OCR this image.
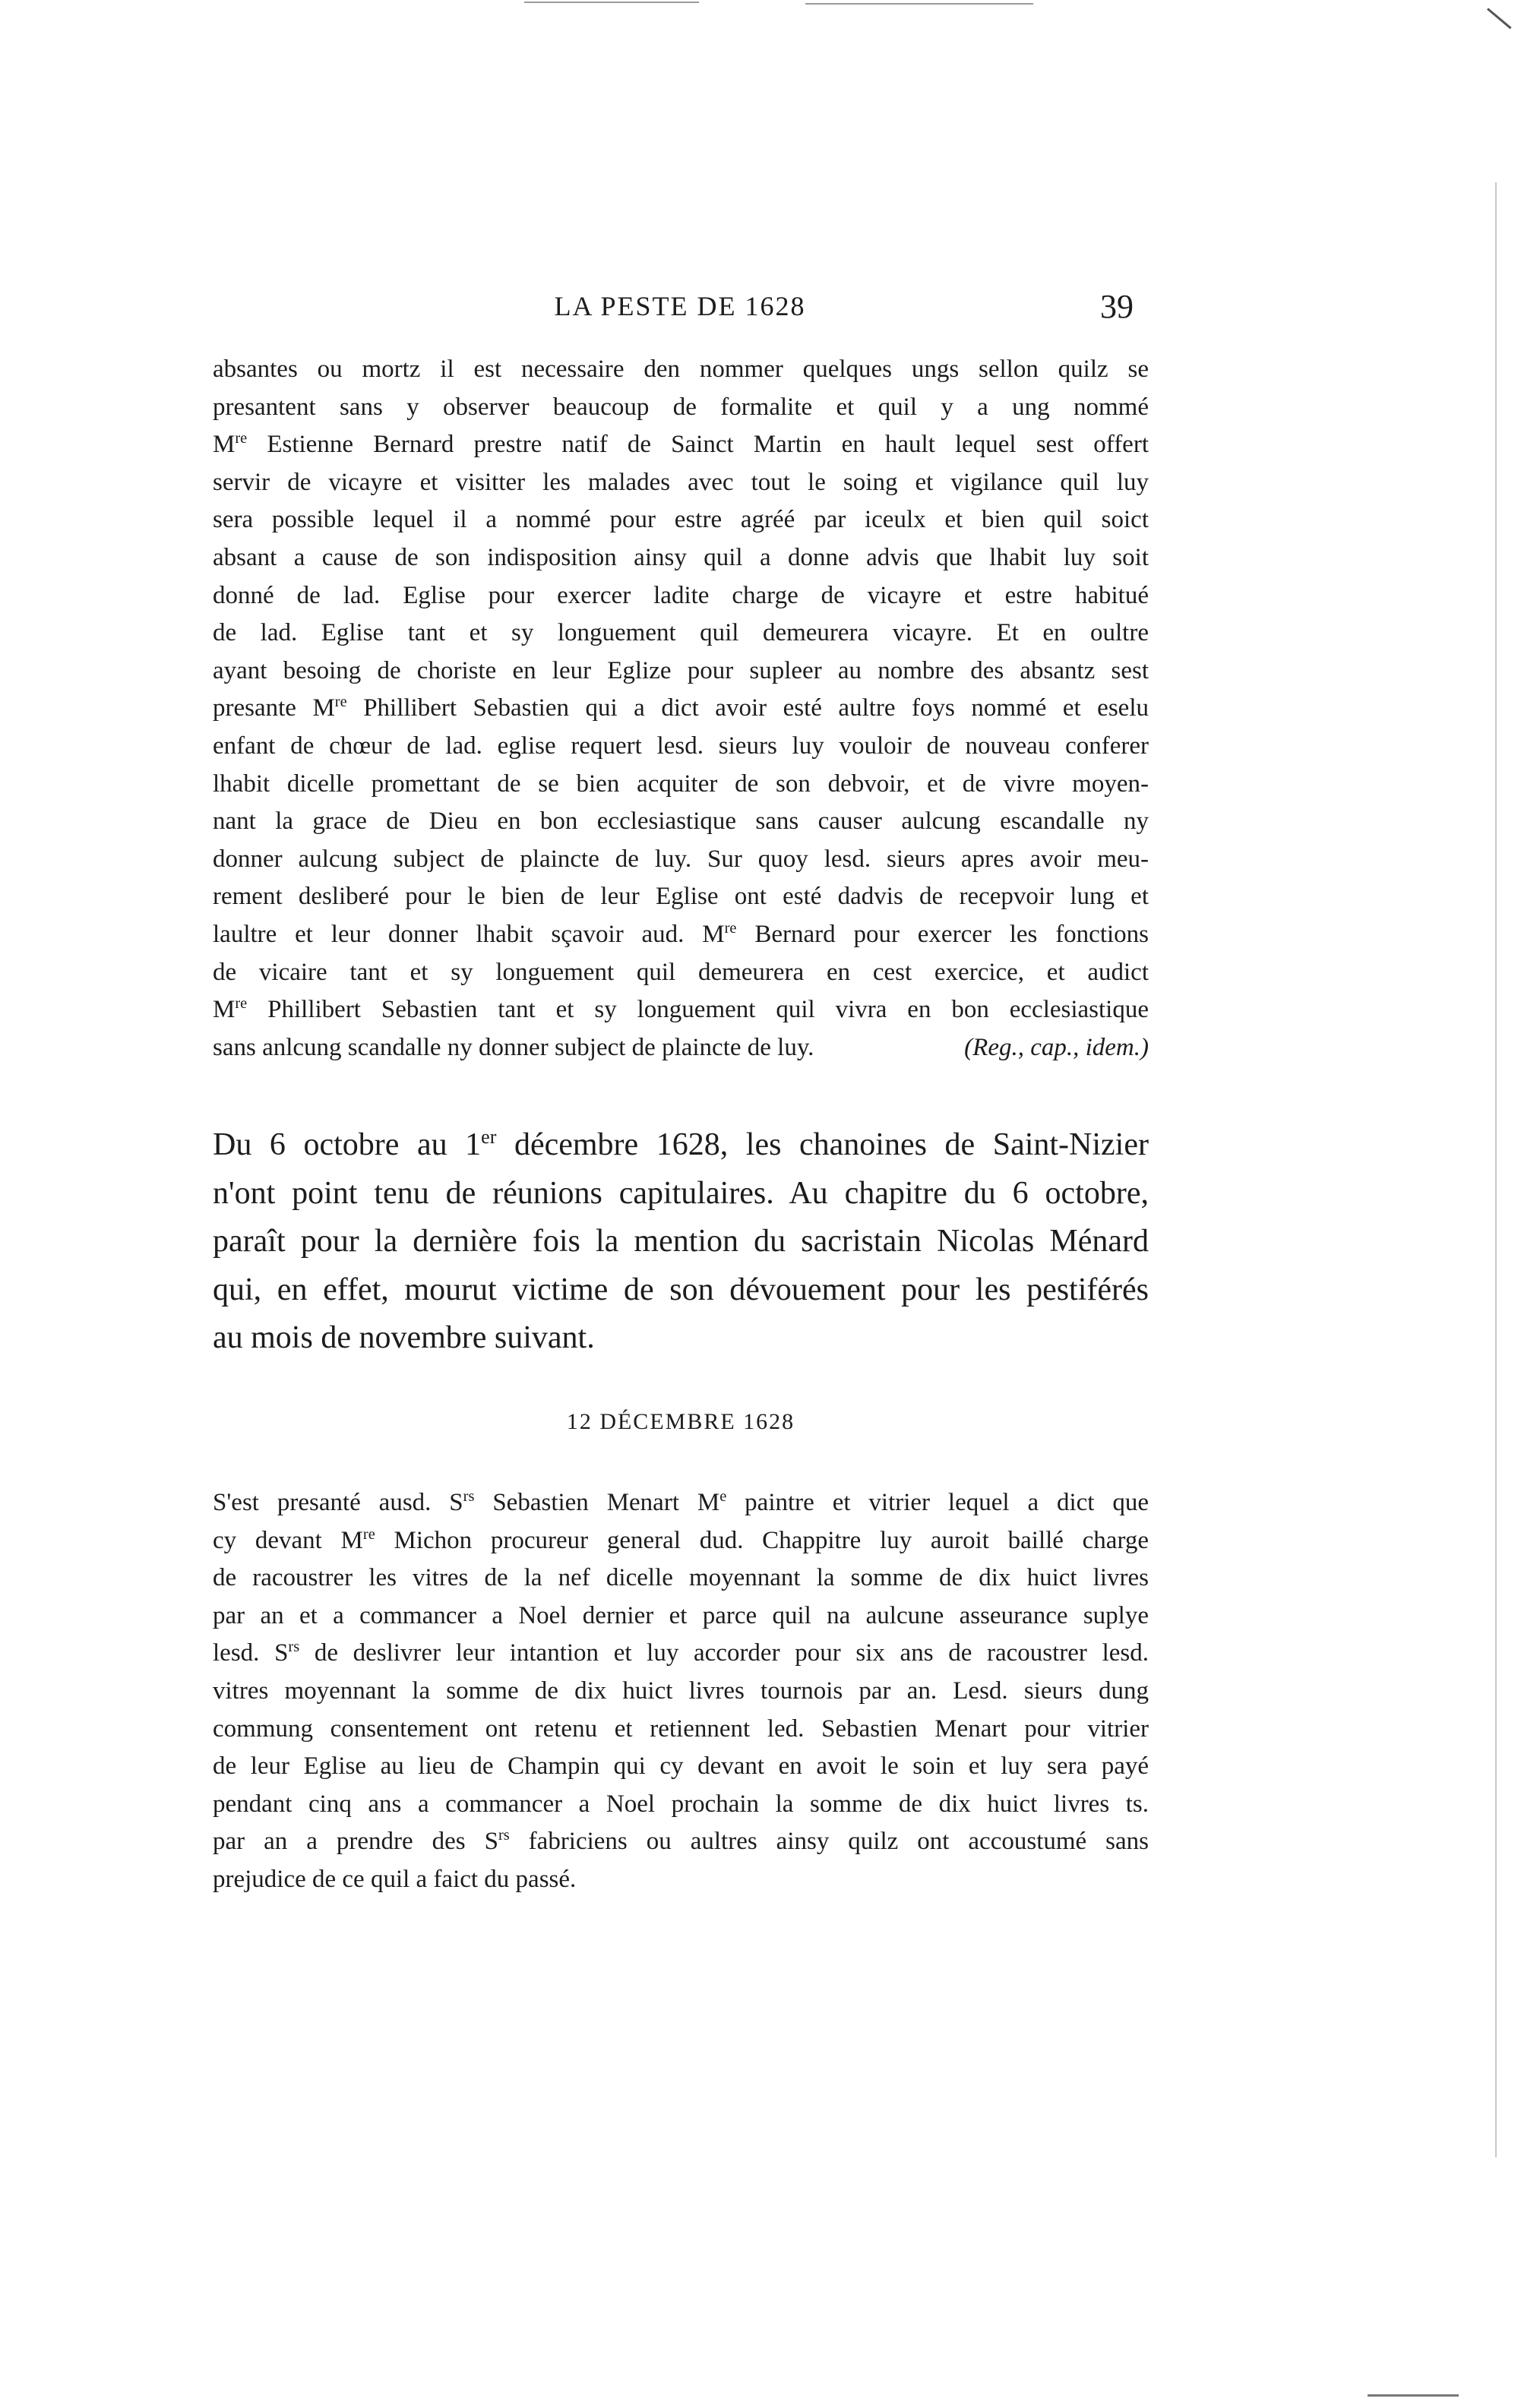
LA PESTE DE 1628	39
absantes ou mortz il est necessaire den nommer quelques ungs sellon quilz se
presantent sans y observer beaucoup de formalite et quil y a ung nommé
Mre Estienne Bernard prestre natif de Sainct Martin en hault lequel sest offert
servir de vicayre et visitter les malades avec tout le soing et vigilance quil luy
sera possible lequel il a nommé pour estre agréé par iceulx et bien quil soict
absant a cause de son indisposition ainsy quil a donne advis que lhabit luy soit
donné de lad. Eglise pour exercer ladite charge de vicayre et estre habitué
de lad. Eglise tant et sy longuement quil demeurera vicayre. Et en oultre
ayant besoing de choriste en leur Eglize pour supleer au nombre des absantz sest
presante Mre Phillibert Sebastien qui a dict avoir esté aultre foys nommé et eselu
enfant de chœur de lad. eglise requert lesd. sieurs luy vouloir de nouveau conferer
lhabit dicelle promettant de se bien acquiter de son debvoir, et de vivre moyen-
nant la grace de Dieu en bon ecclesiastique sans causer aulcung escandalle ny
donner aulcung subject de plaincte de luy. Sur quoy lesd. sieurs apres avoir meu-
rement desliberé pour le bien de leur Eglise ont esté dadvis de recepvoir lung et
laultre et leur donner lhabit sçavoir aud. Mre Bernard pour exercer les fonctions
de vicaire tant et sy longuement quil demeurera en cest exercice, et audict
Mre Phillibert Sebastien tant et sy longuement quil vivra en bon ecclesiastique
sans anlcung scandalle ny donner subject de plaincte de luy.	(Reg., cap., idem.)
Du 6 octobre au 1er décembre 1628, les chanoines de Saint-Nizier
n'ont point tenu de réunions capitulaires. Au chapitre du 6 octobre,
paraît pour la dernière fois la mention du sacristain Nicolas Ménard
qui, en effet, mourut victime de son dévouement pour les pestiférés
au mois de novembre suivant.
12 DÉCEMBRE 1628
S'est presanté ausd. $S^{rs}$ Sebastien Menart Me paintre et vitrier lequel a dict que
cy devant Mre Michon procureur general dud. Chappitre luy auroit baillé charge
de racoustrer les vitres de la nef dicelle moyennant la somme de dix huict livres
par an et a commancer a Noel dernier et parce quil na aulcune asseurance suplye
lesd. $S^{rs}$ de deslivrer leur intantion et luy accorder pour six ans de racoustrer lesd.
vitres moyennant la somme de dix huict livres tournois par an. Lesd. sieurs dung
commung consentement ont retenu et retiennent led. Sebastien Menart pour vitrier
de leur Eglise au lieu de Champin qui cy devant en avoit le soin et luy sera payé
pendant cinq ans a commancer a Noel prochain la somme de dix huict livres ts.
par an a prendre des $S^{rs}$ fabriciens ou aultres ainsy quilz ont accoustumé sans
prejudice de ce quil a faict du passé.
